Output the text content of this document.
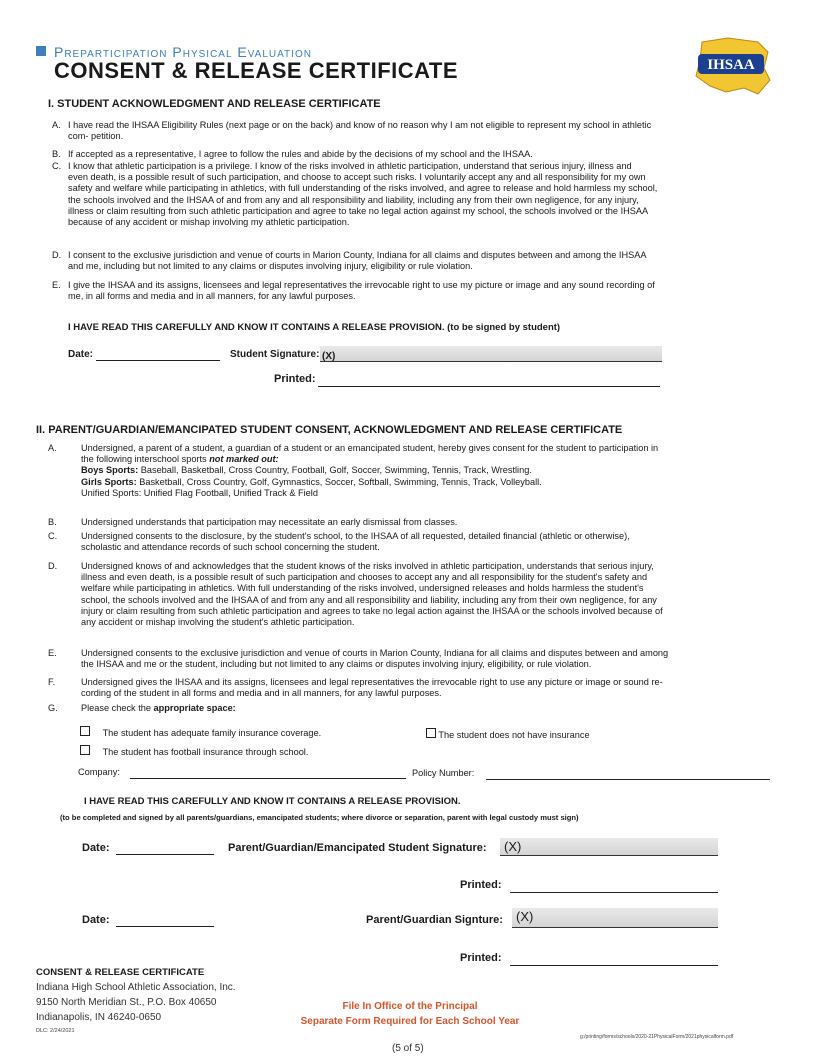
Preparticipation Physical Evaluation
CONSENT & RELEASE CERTIFICATE	IHSAA
I. STUDENT ACKNOWLEDGMENT AND RELEASE CERTIFICATE
A. I have read the IHSAA Eligibility Rules (next page or on the back) and know of no reason why I am not eligible to represent my school in athletic
com- petition.
B. If accepted as a representative, I agree to follow the rules and abide by the decisions of my school and the IHSAA.
C. I know that athletic participation is a privilege. I know of the risks involved in athletic participation, understand that serious injury, illness and
even death, is a possible result of such participation, and choose to accept such risks. I voluntarily accept any and all responsibility for my own
safety and welfare while participating in athletics, with full understanding of the risks involved, and agree to release and hold harmless my school,
the schools involved and the IHSAA of and from any and all responsibility and liability, including any from their own negligence, for any injury,
illness or claim resulting from such athletic participation and agree to take no legal action against my school, the schools involved or the IHSAA
because of any accident or mishap involving my athletic participation.
D. I consent to the exclusive jurisdiction and venue of courts in Marion County, Indiana for all claims and disputes between and among the IHSAA
and me, including but not limited to any claims or disputes involving injury, eligibility or rule violation.
E. I give the IHSAA and its assigns, licensees and legal representatives the irrevocable right to use my picture or image and any sound recording of
me, in all forms and media and in all manners, for any lawful purposes.
I HAVE READ THIS CAREFULLY AND KNOW IT CONTAINS A RELEASE PROVISION. (to be signed by student)
Date:	Student Signature: (X)
Printed:
II. PARENT/GUARDIAN/EMANCIPATED STUDENT CONSENT, ACKNOWLEDGMENT AND RELEASE CERTIFICATE
A.	Undersigned, a parent of a student, a guardian of a student or an emancipated student, hereby gives consent for the student to participation in
the following interschool sports not marked out:
Boys Sports: Baseball, Basketball, Cross Country, Football, Golf, Soccer, Swimming, Tennis, Track, Wrestling.
Girls Sports: Basketball, Cross Country, Golf, Gymnastics, Soccer, Softball, Swimming, Tennis, Track, Volleyball.
Unified Sports: Unified Flag Football, Unified Track & Field
B.	Undersigned understands that participation may necessitate an early dismissal from classes.
C.	Undersigned consents to the disclosure, by the student's school, to the IHSAA of all requested, detailed financial (athletic or otherwise),
scholastic and attendance records of such school concerning the student.
D.	Undersigned knows of and acknowledges that the student knows of the risks involved in athletic participation, understands that serious injury,
illness and even death, is a possible result of such participation and chooses to accept any and all responsibility for the student's safety and
welfare while participating in athletics. With full understanding of the risks involved, undersigned releases and holds harmless the student's
school, the schools involved and the IHSAA of and from any and all responsibility and liability, including any from their own negligence, for any
injury or claim resulting from such athletic participation and agrees to take no legal action against the IHSAA or the schools involved because of
any accident or mishap involving the student's athletic participation.
E.	Undersigned consents to the exclusive jurisdiction and venue of courts in Marion County, Indiana for all claims and disputes between and among
the IHSAA and me or the student, including but not limited to any claims or disputes involving injury, eligibility, or rule violation.
F.	Undersigned gives the IHSAA and its assigns, licensees and legal representatives the irrevocable right to use any picture or image or sound re-
cording of the student in all forms and media and in all manners, for any lawful purposes.
G.	Please check the appropriate space:
The student has adequate family insurance coverage.	The student does not have insurance
The student has football insurance through school.
Company:	Policy Number:
I HAVE READ THIS CAREFULLY AND KNOW IT CONTAINS A RELEASE PROVISION.
(to be completed and signed by all parents/guardians, emancipated students; where divorce or separation, parent with legal custody must sign)
Date:	Parent/Guardian/Emancipated Student Signature:	(X)
Printed:
Date:	Parent/Guardian Signture:	(X)
Printed:
CONSENT & RELEASE CERTIFICATE
Indiana High School Athletic Association, Inc.
9150 North Meridian St., P.O. Box 40650
Indianapolis, IN 46240-0650
DLC: 2/24/2021
File In Office of the Principal
Separate Form Required for Each School Year
g:/printing/forms/schools/2020-21PhysicalForm/2021physicalform.pdf
(5 of 5)
